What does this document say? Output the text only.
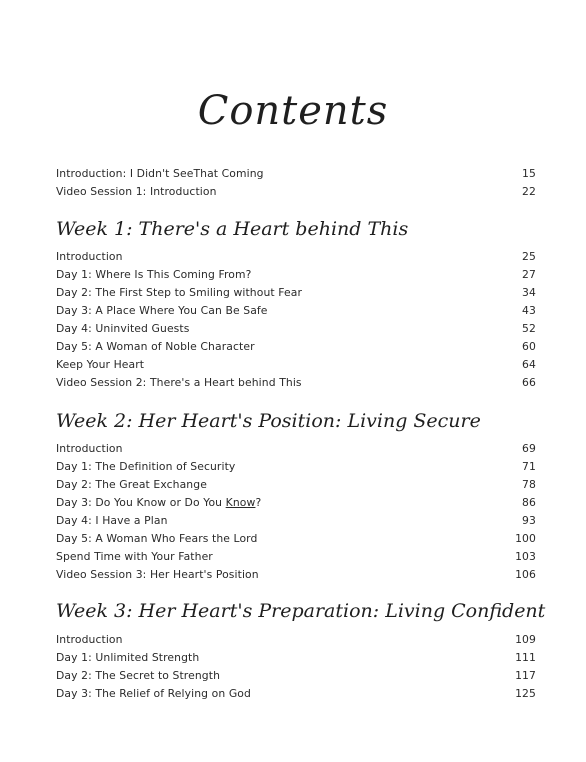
Contents
Introduction: I Didn't SeeThat Coming	15
Video Session 1: Introduction	22
Week 1: There's a Heart behind This
Introduction	25
Day 1: Where Is This Coming From?	27
Day 2: The First Step to Smiling without Fear	34
Day 3: A Place Where You Can Be Safe	43
Day 4: Uninvited Guests	52
Day 5: A Woman of Noble Character	60
Keep Your Heart	64
Video Session 2: There's a Heart behind This	66
Week 2: Her Heart's Position: Living Secure
Introduction	69
Day 1: The Definition of Security	71
Day 2: The Great Exchange	78
Day 3: Do You Know or Do You Know?	86
Day 4: I Have a Plan	93
Day 5: A Woman Who Fears the Lord	100
Spend Time with Your Father	103
Video Session 3: Her Heart's Position	106
Week 3: Her Heart's Preparation: Living Confident
Introduction	109
Day 1: Unlimited Strength	111
Day 2: The Secret to Strength	117
Day 3: The Relief of Relying on God	125
